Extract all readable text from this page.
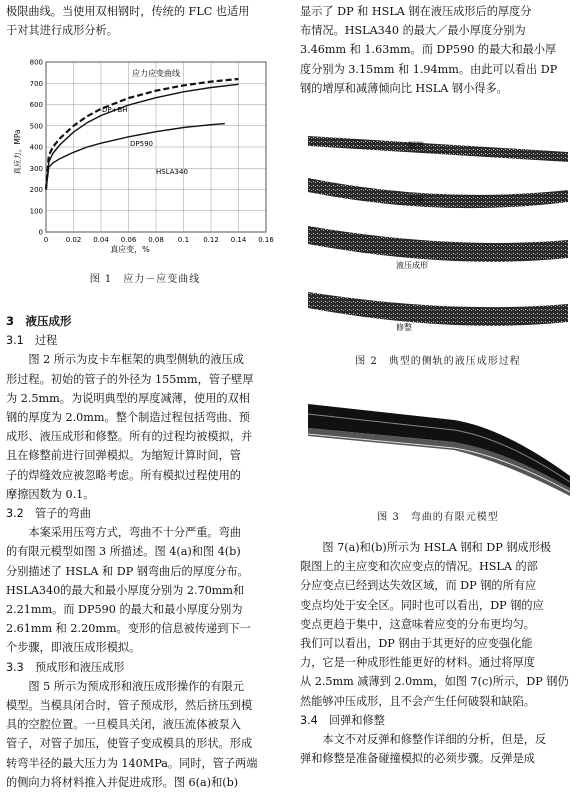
极限曲线。当使用双相钢时，传统的 FLC 也适用

于对其进行成形分析。

0 0.02 0.04 0.06 0.08 0.1 0.12 0.14 0.16
0
100
200
300
400
500
600
700
800
应力应变曲线
真应变，%
真应力，MPa
DP+BH
DP590
HSLA340

图 1　应力－应变曲线

3　液压成形

3.1　过程

图 2 所示为皮卡车框架的典型侧轨的液压成

形过程。初始的管子的外径为 155mm，管子壁厚

为 2.5mm。为说明典型的厚度减薄，使用的双相

钢的厚度为 2.0mm。整个制造过程包括弯曲、预

成形、液压成形和修整。所有的过程均被模拟，并

且在修整前进行回弹模拟。为缩短计算时间，管

子的焊缝效应被忽略考虑。所有模拟过程使用的

摩擦因数为 0.1。

3.2　管子的弯曲

本案采用压弯方式，弯曲不十分严重。弯曲

的有限元模型如图 3 所描述。图 4(a)和图 4(b)

分别描述了 HSLA 和 DP 钢弯曲后的厚度分布。

HSLA340的最大和最小厚度分别为 2.70mm和

2.21mm。而 DP590 的最大和最小厚度分别为

2.61mm 和 2.20mm。变形的信息被传递到下一

个步骤，即液压成形模拟。

3.3　预成形和液压成形

图 5 所示为预成形和液压成形操作的有限元

模型。当模具闭合时，管子预成形，然后挤压到模

具的空腔位置。一旦模具关闭，液压流体被泵入

管子，对管子加压，使管子变成模具的形状。形成

转弯半径的最大压力为 140MPa。同时，管子两端

的侧向力将材料推入并促进成形。图 6(a)和(b)

显示了 DP 和 HSLA 钢在液压成形后的厚度分

布情况。HSLA340 的最大／最小厚度分别为

3.46mm 和 1.63mm。而 DP590 的最大和最小厚

度分别为 3.15mm 和 1.94mm。由此可以看出 DP

钢的增厚和减薄倾向比 HSLA 钢小得多。

钢管
弯曲
液压成形
修整

图 2　典型的侧轨的液压成形过程

图 3　弯曲的有限元模型

图 7(a)和(b)所示为 HSLA 钢和 DP 钢成形极

限图上的主应变和次应变点的情况。HSLA 的部

分应变点已经到达失效区域，而 DP 钢的所有应

变点均处于安全区。同时也可以看出，DP 钢的应

变点更趋于集中，这意味着应变的分布更均匀。

我们可以看出，DP 钢由于其更好的应变强化能

力，它是一种成形性能更好的材料。通过将厚度

从 2.5mm 减薄到 2.0mm，如图 7(c)所示，DP 钢仍

然能够冲压成形，且不会产生任何破裂和缺陷。

3.4　回弹和修整

本文不对反弹和修整作详细的分析，但是，反

弹和修整是准备碰撞模拟的必须步骤。反弹是成
